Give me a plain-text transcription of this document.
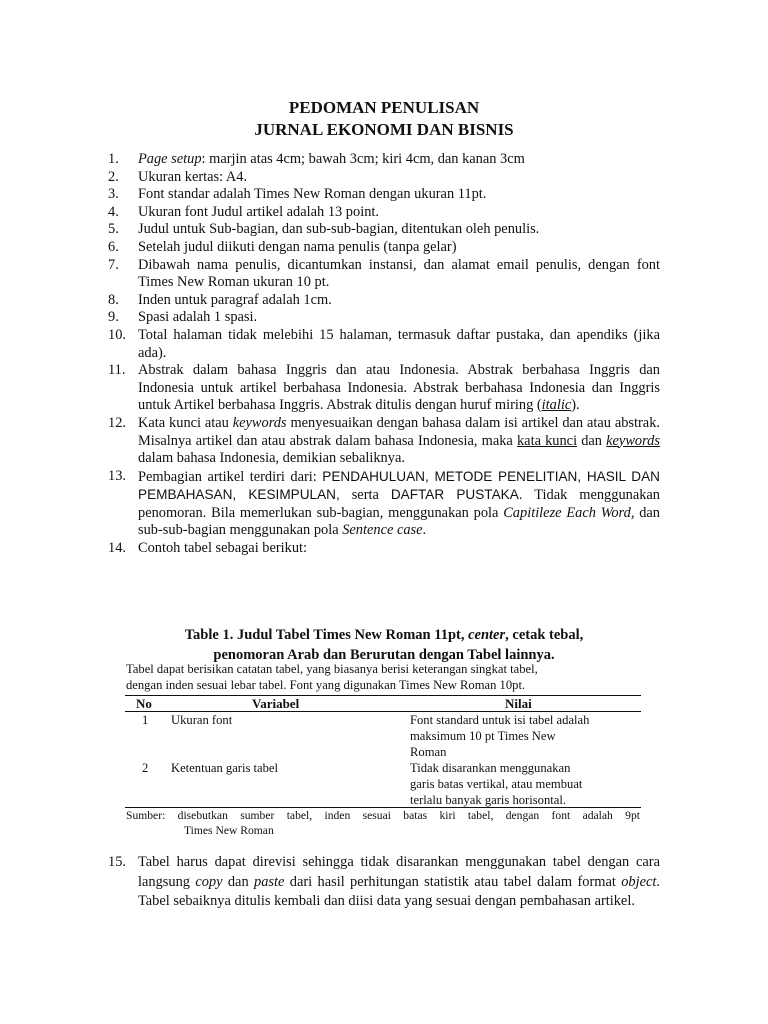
PEDOMAN PENULISAN
JURNAL EKONOMI DAN BISNIS
1. Page setup: marjin atas 4cm; bawah 3cm; kiri 4cm, dan kanan 3cm
2. Ukuran kertas: A4.
3. Font standar adalah Times New Roman dengan ukuran 11pt.
4. Ukuran font Judul artikel adalah 13 point.
5. Judul untuk Sub-bagian, dan sub-sub-bagian, ditentukan oleh penulis.
6. Setelah judul diikuti dengan nama penulis (tanpa gelar)
7. Dibawah nama penulis, dicantumkan instansi, dan alamat email penulis, dengan font Times New Roman ukuran 10 pt.
8. Inden untuk paragraf adalah 1cm.
9. Spasi adalah 1 spasi.
10. Total halaman tidak melebihi 15 halaman, termasuk daftar pustaka, dan apendiks (jika ada).
11. Abstrak dalam bahasa Inggris dan atau Indonesia. Abstrak berbahasa Inggris dan Indonesia untuk artikel berbahasa Indonesia. Abstrak berbahasa Indonesia dan Inggris untuk Artikel berbahasa Inggris. Abstrak ditulis dengan huruf miring (italic).
12. Kata kunci atau keywords menyesuaikan dengan bahasa dalam isi artikel dan atau abstrak. Misalnya artikel dan atau abstrak dalam bahasa Indonesia, maka kata kunci dan keywords dalam bahasa Indonesia, demikian sebaliknya.
13. Pembagian artikel terdiri dari: PENDAHULUAN, METODE PENELITIAN, HASIL DAN PEMBAHASAN, KESIMPULAN, serta DAFTAR PUSTAKA. Tidak menggunakan penomoran. Bila memerlukan sub-bagian, menggunakan pola Capitileze Each Word, dan sub-sub-bagian menggunakan pola Sentence case.
14. Contoh tabel sebagai berikut:
Table 1. Judul Tabel Times New Roman 11pt, center, cetak tebal,
penomoran Arab dan Berurutan dengan Tabel lainnya.
Tabel dapat berisikan catatan tabel, yang biasanya berisi keterangan singkat tabel,
dengan inden sesuai lebar tabel. Font yang digunakan Times New Roman 10pt.
No	Variabel	Nilai
1 Ukuran font	Font standard untuk isi tabel adalah
maksimum 10 pt Times New
Roman
2 Ketentuan garis tabel	Tidak disarankan menggunakan
garis batas vertikal, atau membuat
terlalu banyak garis horisontal.
Sumber: disebutkan sumber tabel, inden sesuai batas kiri tabel, dengan font adalah 9pt
Times New Roman
15. Tabel harus dapat direvisi sehingga tidak disarankan menggunakan tabel dengan cara langsung copy dan paste dari hasil perhitungan statistik atau tabel dalam format object. Tabel sebaiknya ditulis kembali dan diisi data yang sesuai dengan pembahasan artikel.
